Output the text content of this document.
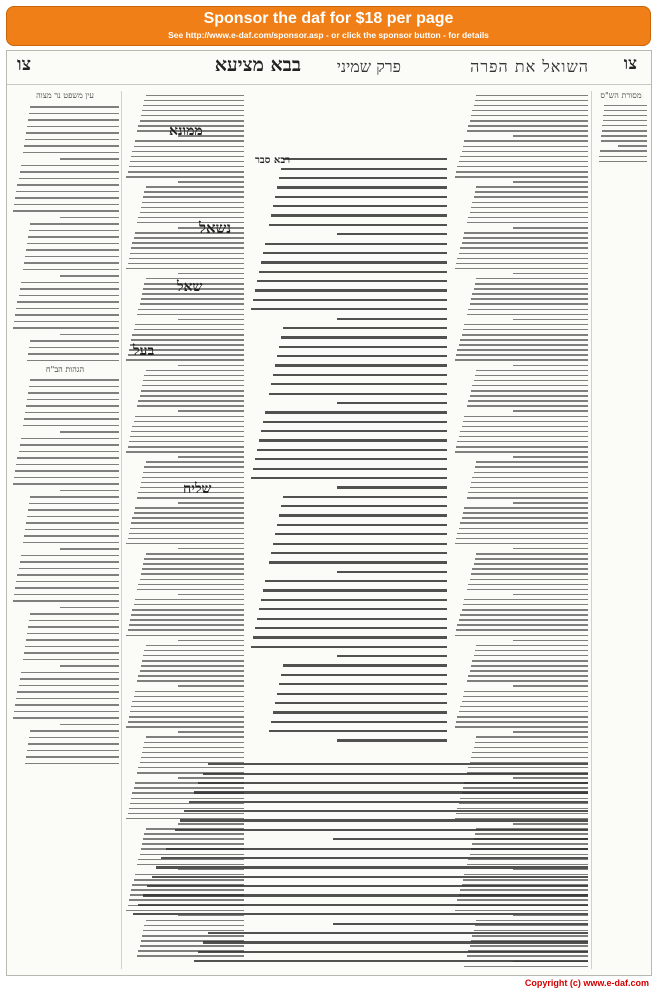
Sponsor the daf for $18 per page
See http://www.e-daf.com/sponsor.asp - or click the sponsor button - for details
צו
השואל את הפרה
פרק שמיני
בבא מציעא
צו
מסורת הש"ס
עין משפט נר מצוה
הגהות הב"ח
רבא סבר
ממונא
נשאל
שאל
בעל
שליח
Copyright (c) www.e-daf.com
